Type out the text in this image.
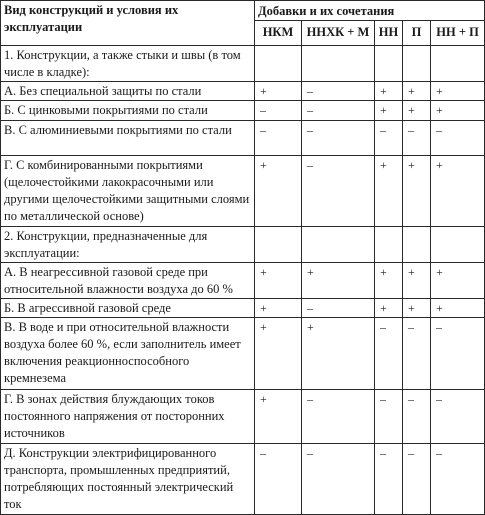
Вид конструкций и условия их эксплуатации	Добавки и их сочетания				
	НКМ	ННХК + М	НН	П	НН + П
1. Конструкции, а также стыки и швы (в том числе в кладке):					
А. Без специальной защиты по стали	+	–	+	+	+
Б. С цинковыми покрытиями по стали	–	–	+	+	+
В. С алюминиевыми покрытиями по стали	–	–	–	–	–
Г. С комбинированными покрытиями (щелочестойкими лакокрасочными или другими щелочестойкими защитными слоями по металлической основе)	+	–	+	+	+
2. Конструкции, предназначенные для эксплуатации:					
А. В неагрессивной газовой среде при относительной влажности воздуха до 60 %	+	+	+	+	+
Б. В агрессивной газовой среде	+	–	+	+	+
В. В воде и при относительной влажности воздуха более 60 %, если заполнитель имеет включения реакционноспособного кремнезема	+	+	–	–	–
Г. В зонах действия блуждающих токов постоянного напряжения от посторонних источников	+	–	–	–	–
Д. Конструкции электрифицированного транспорта, промышленных предприятий, потребляющих постоянный электрический ток	–	–	–	–	–
